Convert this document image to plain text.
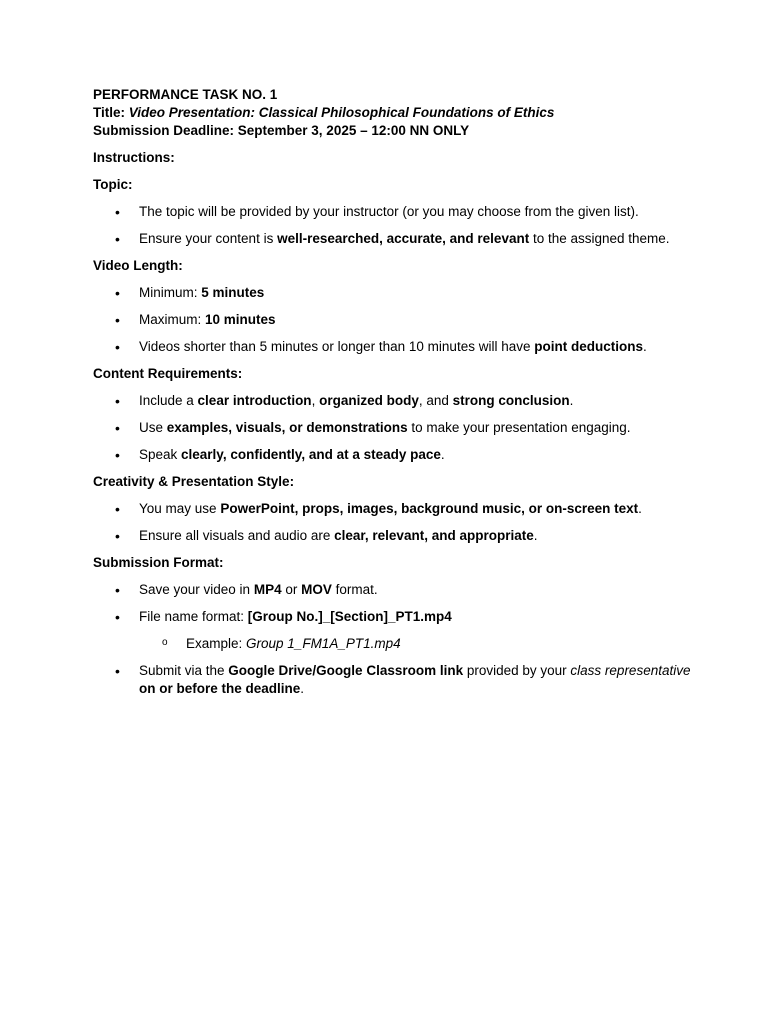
PERFORMANCE TASK NO. 1

Title: Video Presentation: Classical Philosophical Foundations of Ethics

Submission Deadline: September 3, 2025 – 12:00 NN ONLY

Instructions:

Topic:

• The topic will be provided by your instructor (or you may choose from the given list).
• Ensure your content is well-researched, accurate, and relevant to the assigned theme.

Video Length:

• Minimum: 5 minutes
• Maximum: 10 minutes
• Videos shorter than 5 minutes or longer than 10 minutes will have point deductions.

Content Requirements:

• Include a clear introduction, organized body, and strong conclusion.
• Use examples, visuals, or demonstrations to make your presentation engaging.
• Speak clearly, confidently, and at a steady pace.

Creativity & Presentation Style:

• You may use PowerPoint, props, images, background music, or on-screen text.
• Ensure all visuals and audio are clear, relevant, and appropriate.

Submission Format:

• Save your video in MP4 or MOV format.
• File name format: [Group No.]_[Section]_PT1.mp4
o Example: Group 1_FM1A_PT1.mp4
• Submit via the Google Drive/Google Classroom link provided by your class representative on or before the deadline.
